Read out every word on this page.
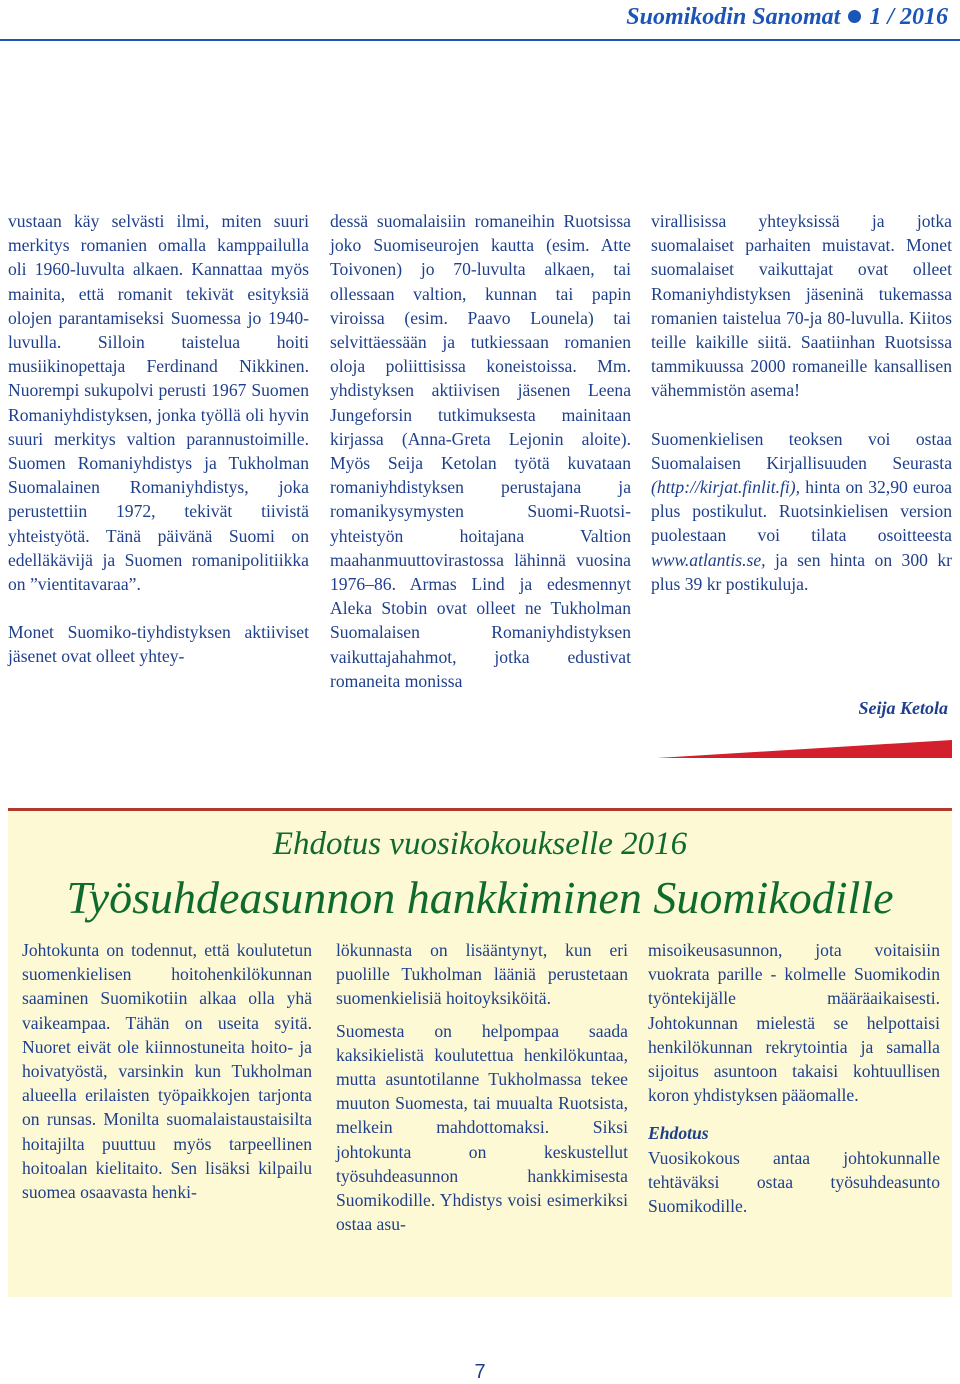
Suomikodin Sanomat 1 / 2016

vustaan käy selvästi ilmi, miten suuri merkitys romanien omalla kamppailulla oli 1960-luvulta alkaen. Kannattaa myös mainita, että romanit tekivät esityksiä olojen parantamiseksi Suomessa jo 1940-luvulla. Silloin taistelua hoiti musiikinopettaja Ferdinand Nikkinen. Nuorempi sukupolvi perusti 1967 Suomen Romaniyhdistyksen, jonka työllä oli hyvin suuri merkitys valtion parannustoimille. Suomen Romaniyhdistys ja Tukholman Suomalainen Romaniyhdistys, joka perustettiin 1972, tekivät tiivistä yhteistyötä. Tänä päivänä Suomi on edelläkävijä ja Suomen romanipolitiikka on ”vientitavaraa”.

Monet Suomiko-tiyhdistyksen aktiiviset jäsenet ovat olleet yhtey-

dessä suomalaisiin romaneihin Ruotsissa joko Suomiseurojen kautta (esim. Atte Toivonen) jo 70-luvulta alkaen, tai ollessaan valtion, kunnan tai papin viroissa (esim. Paavo Lounela) tai selvittäessään ja tutkiessaan romanien oloja poliittisissa koneistoissa. Mm. yhdistyksen aktiivisen jäsenen Leena Jungeforsin tutkimuksesta mainitaan kirjassa (Anna-Greta Lejonin aloite). Myös Seija Ketolan työtä kuvataan romaniyhdistyksen perustajana ja romanikysymysten Suomi-Ruotsi-yhteistyön hoitajana Valtion maahanmuuttovirastossa lähinnä vuosina 1976–86. Armas Lind ja edesmennyt Aleka Stobin ovat olleet ne Tukholman Suomalaisen Romaniyhdistyksen vaikuttajahahmot, jotka edustivat romaneita monissa

virallisissa yhteyksissä ja jotka suomalaiset parhaiten muistavat. Monet suomalaiset vaikuttajat ovat olleet Romaniyhdistyksen jäseninä tukemassa romanien taistelua 70-ja 80-luvulla. Kiitos teille kaikille siitä. Saatiinhan Ruotsissa tammikuussa 2000 romaneille kansallisen vähemmistön asema!

Suomenkielisen teoksen voi ostaa Suomalaisen Kirjallisuuden Seurasta (http://kirjat.finlit.fi), hinta on 32,90 euroa plus postikulut. Ruotsinkielisen version puolestaan voi tilata osoitteesta www.atlantis.se, ja sen hinta on 300 kr plus 39 kr postikuluja.

Seija Ketola
Ehdotus vuosikokoukselle 2016
Työsuhdeasunnon hankkiminen Suomikodille

Johtokunta on todennut, että koulutetun suomenkielisen hoitohenkilökunnan saaminen Suomikotiin alkaa olla yhä vaikeampaa. Tähän on useita syitä. Nuoret eivät ole kiinnostuneita hoito- ja hoivatyöstä, varsinkin kun Tukholman alueella erilaisten työpaikkojen tarjonta on runsas. Monilta suomalaistaustaisilta hoitajilta puuttuu myös tarpeellinen hoitoalan kielitaito. Sen lisäksi kilpailu suomea osaavasta henki-

lökunnasta on lisääntynyt, kun eri puolille Tukholman lääniä perustetaan suomenkielisiä hoitoyksiköitä.

Suomesta on helpompaa saada kaksikielistä koulutettua henkilökuntaa, mutta asuntotilanne Tukholmassa tekee muuton Suomesta, tai muualta Ruotsista, melkein mahdottomaksi. Siksi johtokunta on keskustellut työsuhdeasunnon hankkimisesta Suomikodille. Yhdistys voisi esimerkiksi ostaa asu-

misoikeusasunnon, jota voitaisiin vuokrata parille - kolmelle Suomikodin työntekijälle määräaikaisesti. Johtokunnan mielestä se helpottaisi henkilökunnan rekrytointia ja samalla sijoitus asuntoon takaisi kohtuullisen koron yhdistyksen pääomalle.

Ehdotus

Vuosikokous antaa johtokunnalle tehtäväksi ostaa työsuhdeasunto Suomikodille.

7
